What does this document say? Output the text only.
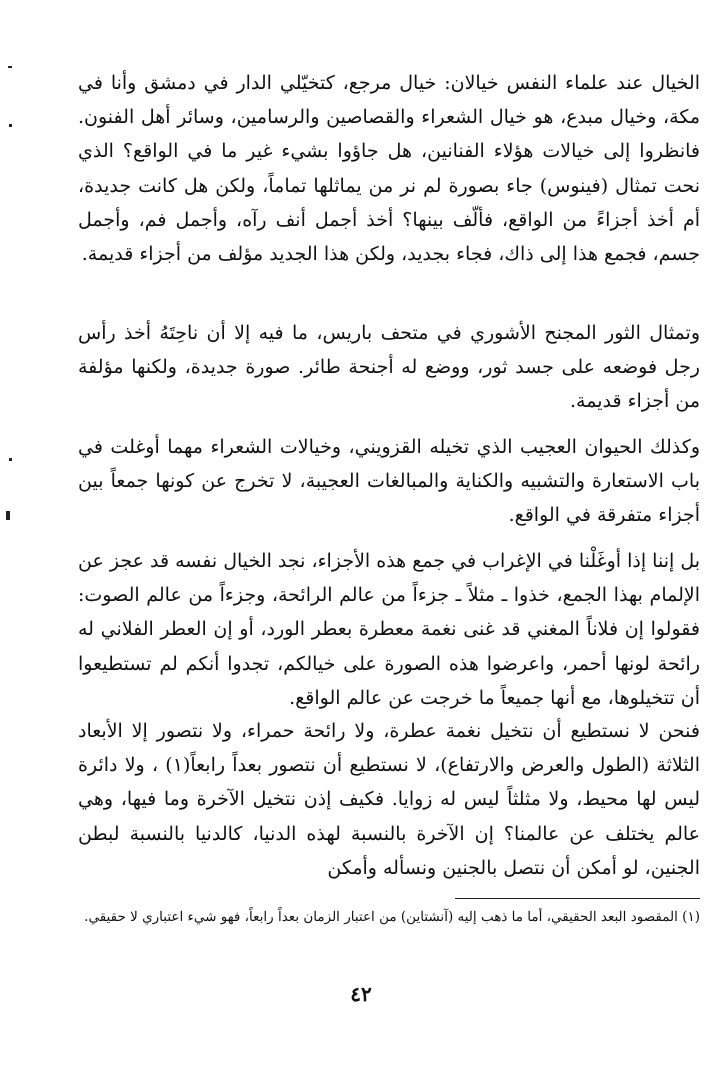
الخيال عند علماء النفس خيالان: خيال مرجع، كتخيّلي الدار في دمشق وأنا في مكة، وخيال مبدع، هو خيال الشعراء والقصاصين والرسامين، وسائر أهل الفنون. فانظروا إلى خيالات هؤلاء الفنانين، هل جاؤوا بشيء غير ما في الواقع؟ الذي نحت تمثال (فينوس) جاء بصورة لم نر من يماثلها تماماً، ولكن هل كانت جديدة، أم أخذ أجزاءً من الواقع، فألّف بينها؟ أخذ أجمل أنف رآه، وأجمل فم، وأجمل جسم، فجمع هذا إلى ذاك، فجاء بجديد، ولكن هذا الجديد مؤلف من أجزاء قديمة.

وتمثال الثور المجنح الأشوري في متحف باريس، ما فيه إلا أن ناحِتَهُ أخذ رأس رجل فوضعه على جسد ثور، ووضع له أجنحة طائر. صورة جديدة، ولكنها مؤلفة من أجزاء قديمة.

وكذلك الحيوان العجيب الذي تخيله القزويني، وخيالات الشعراء مهما أوغلت في باب الاستعارة والتشبيه والكناية والمبالغات العجيبة، لا تخرج عن كونها جمعاً بين أجزاء متفرقة في الواقع.

بل إننا إذا أوغَلْنا في الإغراب في جمع هذه الأجزاء، نجد الخيال نفسه قد عجز عن الإلمام بهذا الجمع، خذوا ـ مثلاً ـ جزءاً من عالم الرائحة، وجزءاً من عالم الصوت: فقولوا إن فلاناً المغني قد غنى نغمة معطرة بعطر الورد، أو إن العطر الفلاني له رائحة لونها أحمر، واعرضوا هذه الصورة على خيالكم، تجدوا أنكم لم تستطيعوا أن تتخيلوها، مع أنها جميعاً ما خرجت عن عالم الواقع.

فنحن لا نستطيع أن نتخيل نغمة عطرة، ولا رائحة حمراء، ولا نتصور إلا الأبعاد الثلاثة (الطول والعرض والارتفاع)، لا نستطيع أن نتصور بعداً رابعاً(١) ، ولا دائرة ليس لها محيط، ولا مثلثاً ليس له زوايا. فكيف إذن نتخيل الآخرة وما فيها، وهي عالم يختلف عن عالمنا؟ إن الآخرة بالنسبة لهذه الدنيا، كالدنيا بالنسبة لبطن الجنين، لو أمكن أن نتصل بالجنين ونسأله وأمكن

(١) المقصود البعد الحقيقي، أما ما ذهب إليه (آنشتاين) من اعتبار الزمان بعداً رابعاً، فهو شيء اعتباري لا حقيقي.
٤٢
